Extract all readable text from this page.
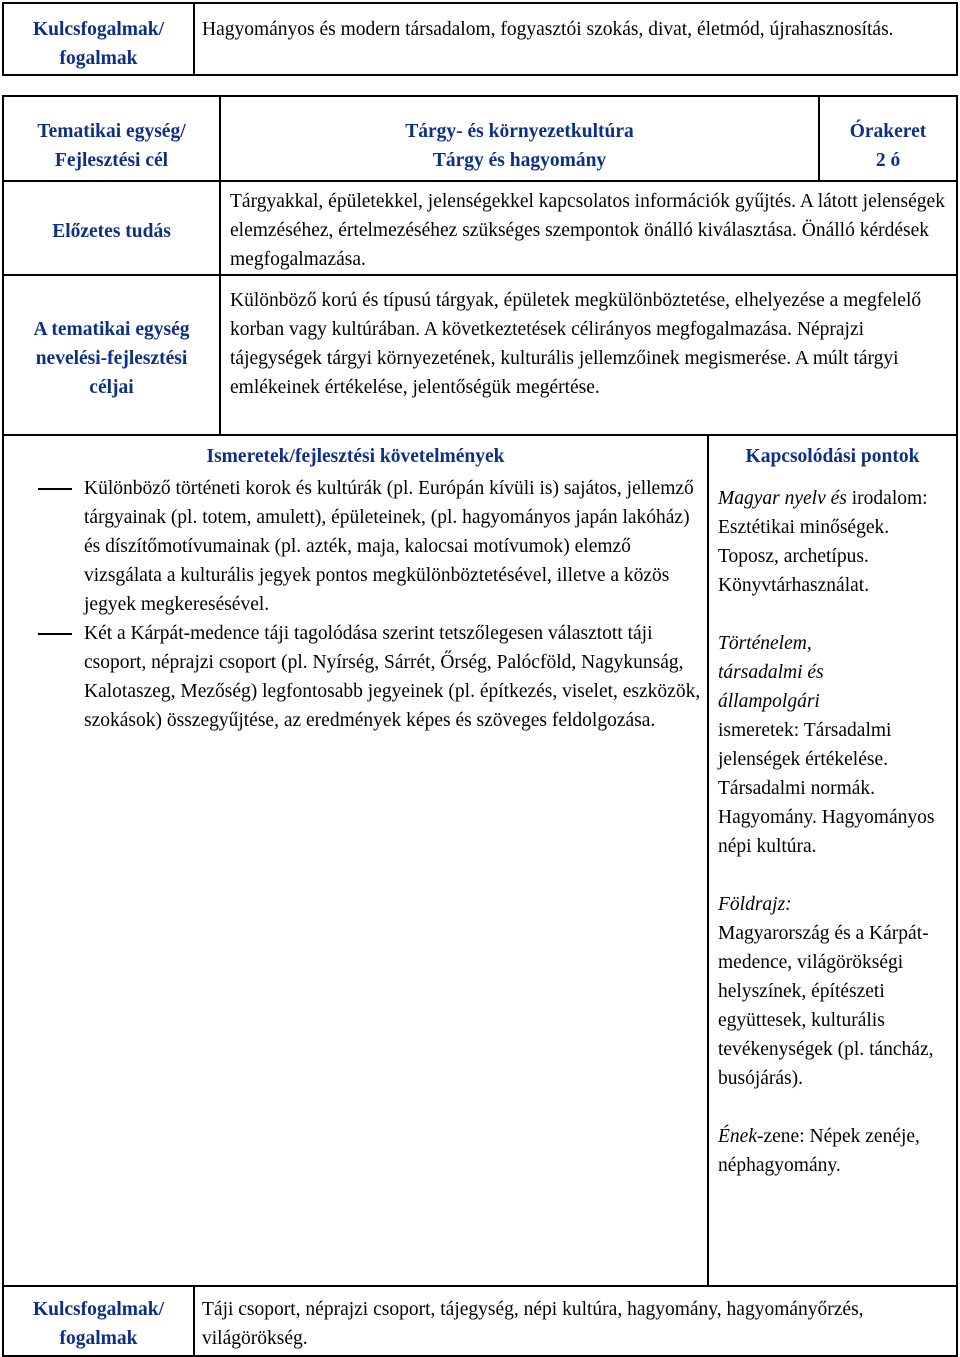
Kulcsfogalmak/
fogalmak
Hagyományos és modern társadalom, fogyasztói szokás, divat, életmód, újrahasznosítás.
Tematikai egység/
Fejlesztési cél
Tárgy- és környezetkultúra
Tárgy és hagyomány
Órakeret
2 ó
Előzetes tudás
Tárgyakkal, épületekkel, jelenségekkel kapcsolatos információk gyűjtés. A látott jelenségek elemzéséhez, értelmezéséhez szükséges szempontok önálló kiválasztása. Önálló kérdések megfogalmazása.
A tematikai egység
nevelési-fejlesztési
céljai
Különböző korú és típusú tárgyak, épületek megkülönböztetése, elhelyezése a megfelelő korban vagy kultúrában. A következtetések célirányos megfogalmazása. Néprajzi tájegységek tárgyi környezetének, kulturális jellemzőinek megismerése. A múlt tárgyi emlékeinek értékelése, jelentőségük megértése.
Ismeretek/fejlesztési követelmények

Különböző történeti korok és kultúrák (pl. Európán kívüli is) sajátos, jellemző tárgyainak (pl. totem, amulett), épületeinek, (pl. hagyományos japán lakóház) és díszítőmotívumainak (pl. azték, maja, kalocsai motívumok) elemző vizsgálata a kulturális jegyek pontos megkülönböztetésével, illetve a közös jegyek megkeresésével.

Két a Kárpát-medence táji tagolódása szerint tetszőlegesen választott táji csoport, néprajzi csoport (pl. Nyírség, Sárrét, Őrség, Palócföld, Nagykunság, Kalotaszeg, Mezőség) legfontosabb jegyeinek (pl. építkezés, viselet, eszközök, szokások) összegyűjtése, az eredmények képes és szöveges feldolgozása.

Kapcsolódási pontok

Magyar nyelv és irodalom: Esztétikai minőségek. Toposz, archetípus. Könyvtárhasználat.

Történelem,
társadalmi és
állampolgári
ismeretek: Társadalmi jelenségek értékelése. Társadalmi normák. Hagyomány. Hagyományos népi kultúra.

Földrajz:
Magyarország és a Kárpát-medence, világörökségi helyszínek, építészeti együttesek, kulturális tevékenységek (pl. táncház, busójárás).

Ének-zene: Népek zenéje, néphagyomány.

Kulcsfogalmak/
fogalmak
Táji csoport, néprajzi csoport, tájegység, népi kultúra, hagyomány, hagyományőrzés, világörökség.
